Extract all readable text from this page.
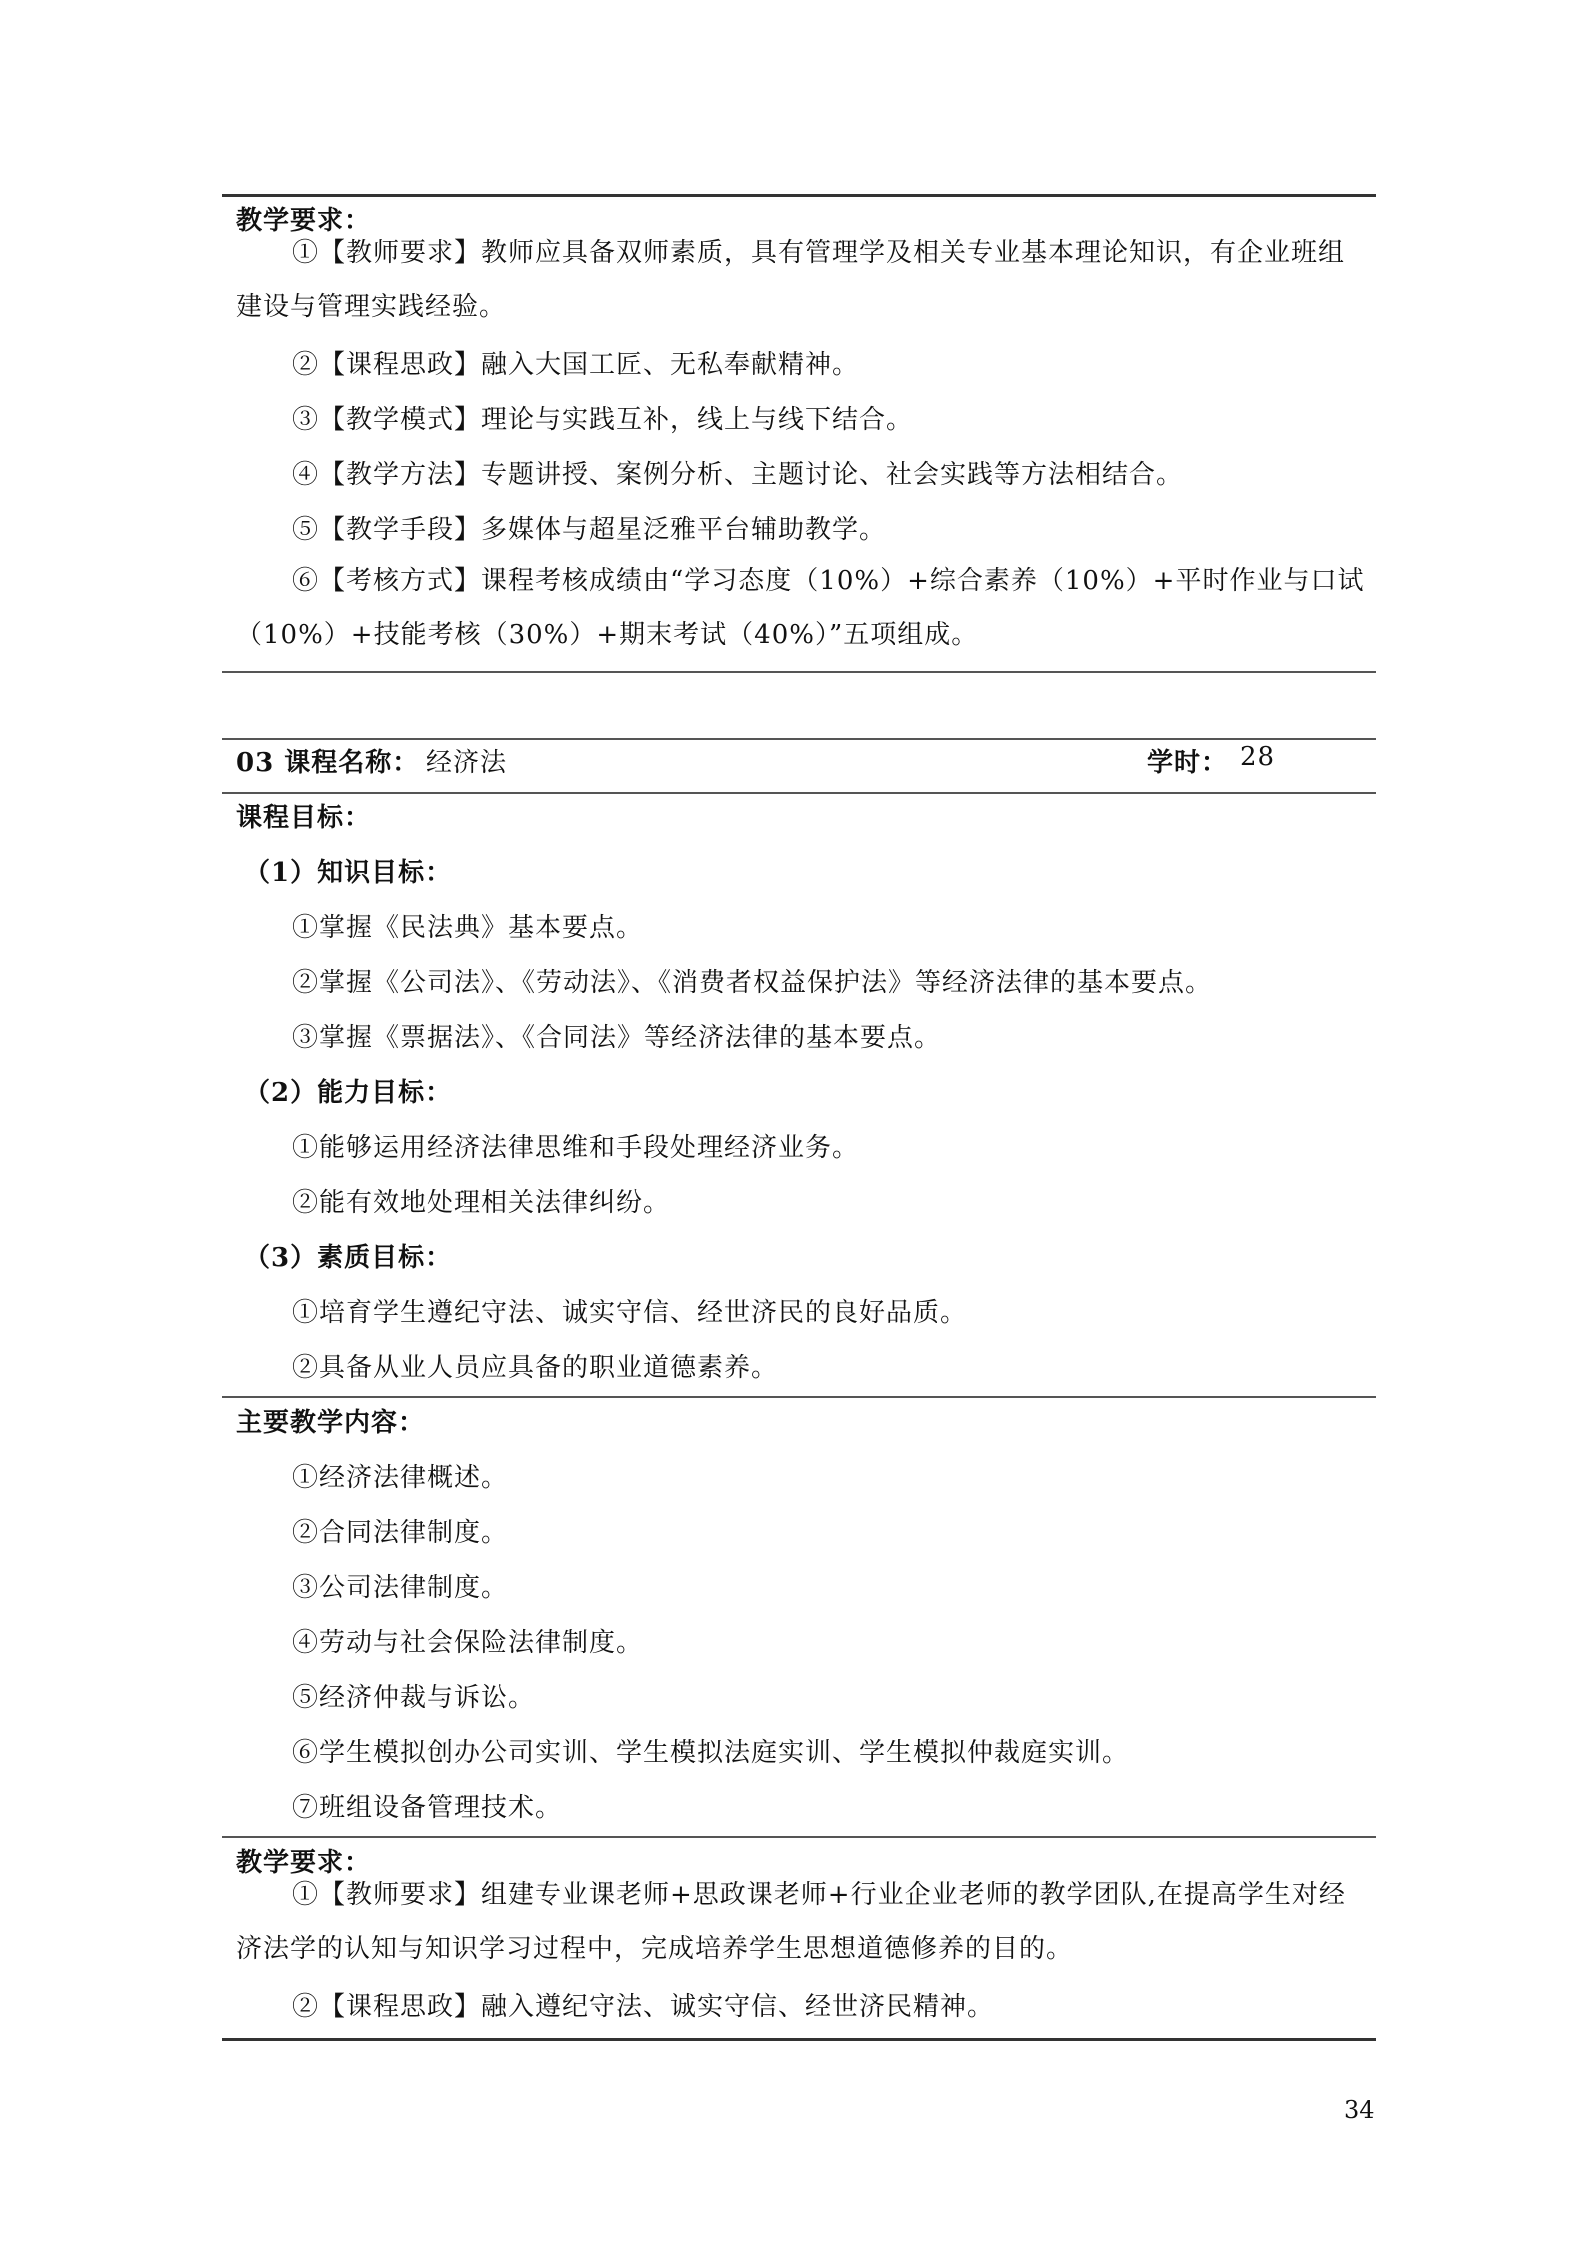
教学要求：
①【教师要求】教师应具备双师素质，具有管理学及相关专业基本理论知识，有企业班组建设与管理实践经验。
②【课程思政】融入大国工匠、无私奉献精神。
③【教学模式】理论与实践互补，线上与线下结合。
④【教学方法】专题讲授、案例分析、主题讨论、社会实践等方法相结合。
⑤【教学手段】多媒体与超星泛雅平台辅助教学。
⑥【考核方式】课程考核成绩由“学习态度（10%）+综合素养（10%）+平时作业与口试（10%）+技能考核（30%）+期末考试（40%）”五项组成。
03 课程名称： 经济法	学时： 28
课程目标：
（1）知识目标：
①掌握《民法典》基本要点。
②掌握《公司法》、《劳动法》、《消费者权益保护法》等经济法律的基本要点。
③掌握《票据法》、《合同法》等经济法律的基本要点。
（2）能力目标：
①能够运用经济法律思维和手段处理经济业务。
②能有效地处理相关法律纠纷。
（3）素质目标：
①培育学生遵纪守法、诚实守信、经世济民的良好品质。
②具备从业人员应具备的职业道德素养。
主要教学内容：
①经济法律概述。
②合同法律制度。
③公司法律制度。
④劳动与社会保险法律制度。
⑤经济仲裁与诉讼。
⑥学生模拟创办公司实训、学生模拟法庭实训、学生模拟仲裁庭实训。
⑦班组设备管理技术。
教学要求：
①【教师要求】组建专业课老师+思政课老师+行业企业老师的教学团队,在提高学生对经济法学的认知与知识学习过程中，完成培养学生思想道德修养的目的。
②【课程思政】融入遵纪守法、诚实守信、经世济民精神。
34
